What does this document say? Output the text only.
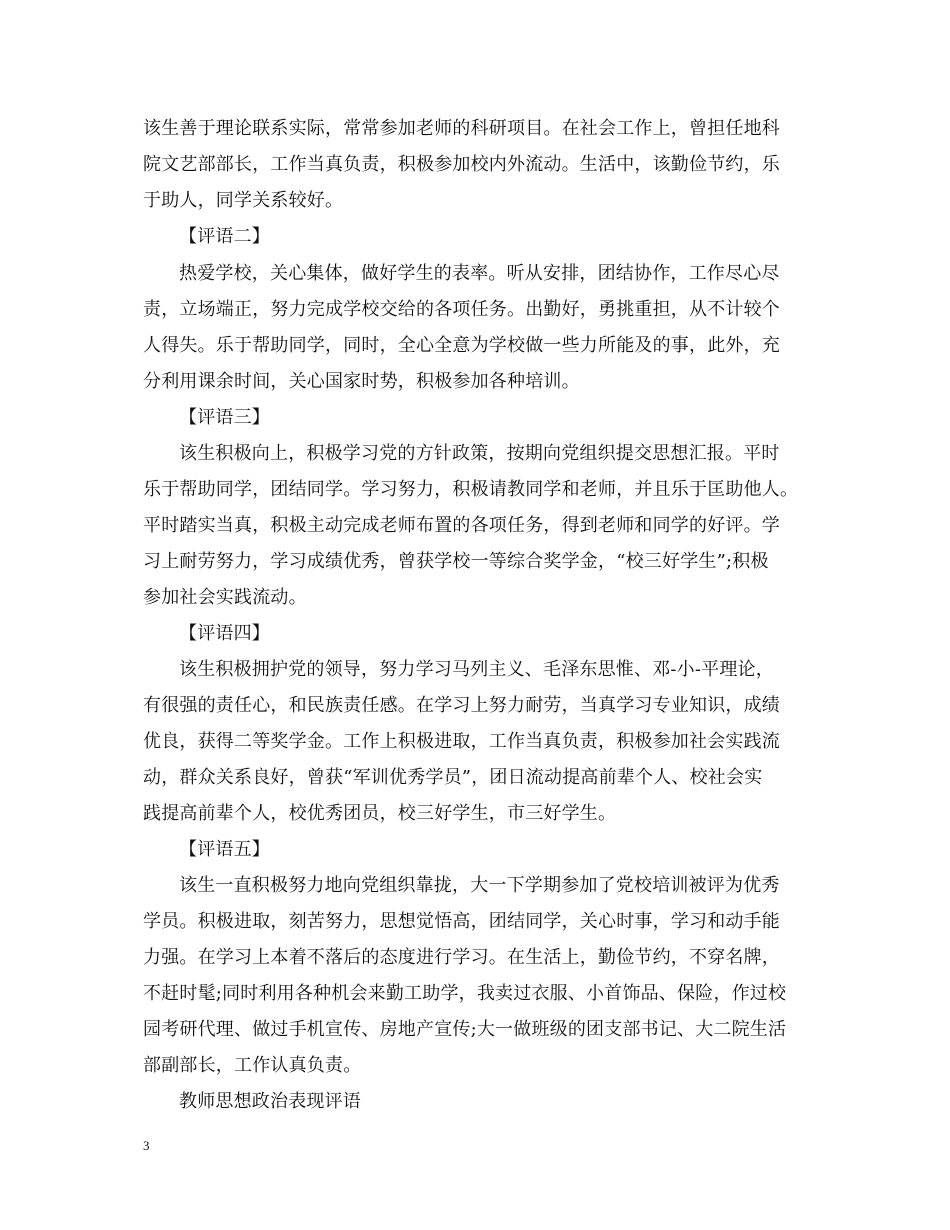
该生善于理论联系实际，常常参加老师的科研项目。在社会工作上，曾担任地科
院文艺部部长，工作当真负责，积极参加校内外流动。生活中，该勤俭节约，乐
于助人，同学关系较好。
【评语二】
热爱学校，关心集体，做好学生的表率。听从安排，团结协作，工作尽心尽
责，立场端正，努力完成学校交给的各项任务。出勤好，勇挑重担，从不计较个
人得失。乐于帮助同学，同时，全心全意为学校做一些力所能及的事，此外，充
分利用课余时间，关心国家时势，积极参加各种培训。
【评语三】
该生积极向上，积极学习党的方针政策，按期向党组织提交思想汇报。平时
乐于帮助同学，团结同学。学习努力，积极请教同学和老师，并且乐于匡助他人。
平时踏实当真，积极主动完成老师布置的各项任务，得到老师和同学的好评。学
习上耐劳努力，学习成绩优秀，曾获学校一等综合奖学金，“校三好学生”;积极
参加社会实践流动。
【评语四】
该生积极拥护党的领导，努力学习马列主义、毛泽东思惟、邓-小-平理论，
有很强的责任心，和民族责任感。在学习上努力耐劳，当真学习专业知识，成绩
优良，获得二等奖学金。工作上积极进取，工作当真负责，积极参加社会实践流
动，群众关系良好，曾获“军训优秀学员”，团日流动提高前辈个人、校社会实
践提高前辈个人，校优秀团员，校三好学生，市三好学生。
【评语五】
该生一直积极努力地向党组织靠拢，大一下学期参加了党校培训被评为优秀
学员。积极进取，刻苦努力，思想觉悟高，团结同学，关心时事，学习和动手能
力强。在学习上本着不落后的态度进行学习。在生活上，勤俭节约，不穿名牌，
不赶时髦;同时利用各种机会来勤工助学，我卖过衣服、小首饰品、保险，作过校
园考研代理、做过手机宣传、房地产宣传;大一做班级的团支部书记、大二院生活
部副部长，工作认真负责。
教师思想政治表现评语
3
